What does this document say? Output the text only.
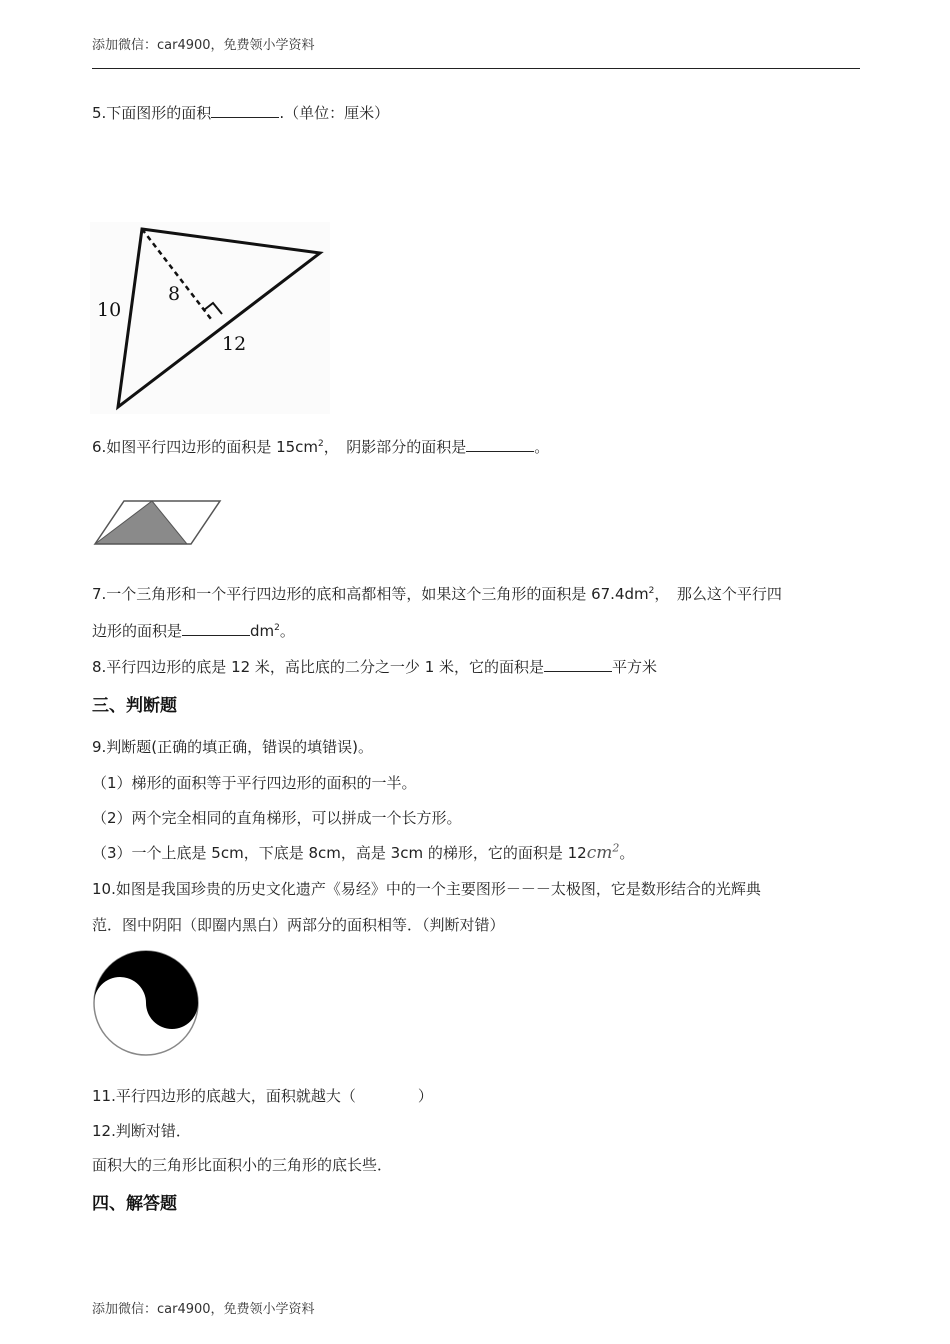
添加微信：car4900，免费领小学资料
5.下面图形的面积	.（单位：厘米）
10
8
12
6.如图平行四边形的面积是 $15cm^2$，　阴影部分的面积是	。
7.一个三角形和一个平行四边形的底和高都相等，如果这个三角形的面积是 $67.4dm^2$，　那么这个平行四
边形的面积是	$dm^2$。
8.平行四边形的底是 12 米，高比底的二分之一少 1 米，它的面积是	平方米
三、判断题
9.判断题(正确的填正确，错误的填错误)。
（1）梯形的面积等于平行四边形的面积的一半。
（2）两个完全相同的直角梯形，可以拼成一个长方形。
（3）一个上底是 5cm，下底是 8cm，高是 3cm 的梯形，它的面积是 $12cm^2$。
10.如图是我国珍贵的历史文化遗产《易经》中的一个主要图形－－－太极图，它是数形结合的光辉典
范．图中阴阳（即圈内黑白）两部分的面积相等．（判断对错）
11.平行四边形的底越大，面积就越大（	）
12.判断对错．
面积大的三角形比面积小的三角形的底长些．
四、解答题
添加微信：car4900，免费领小学资料
